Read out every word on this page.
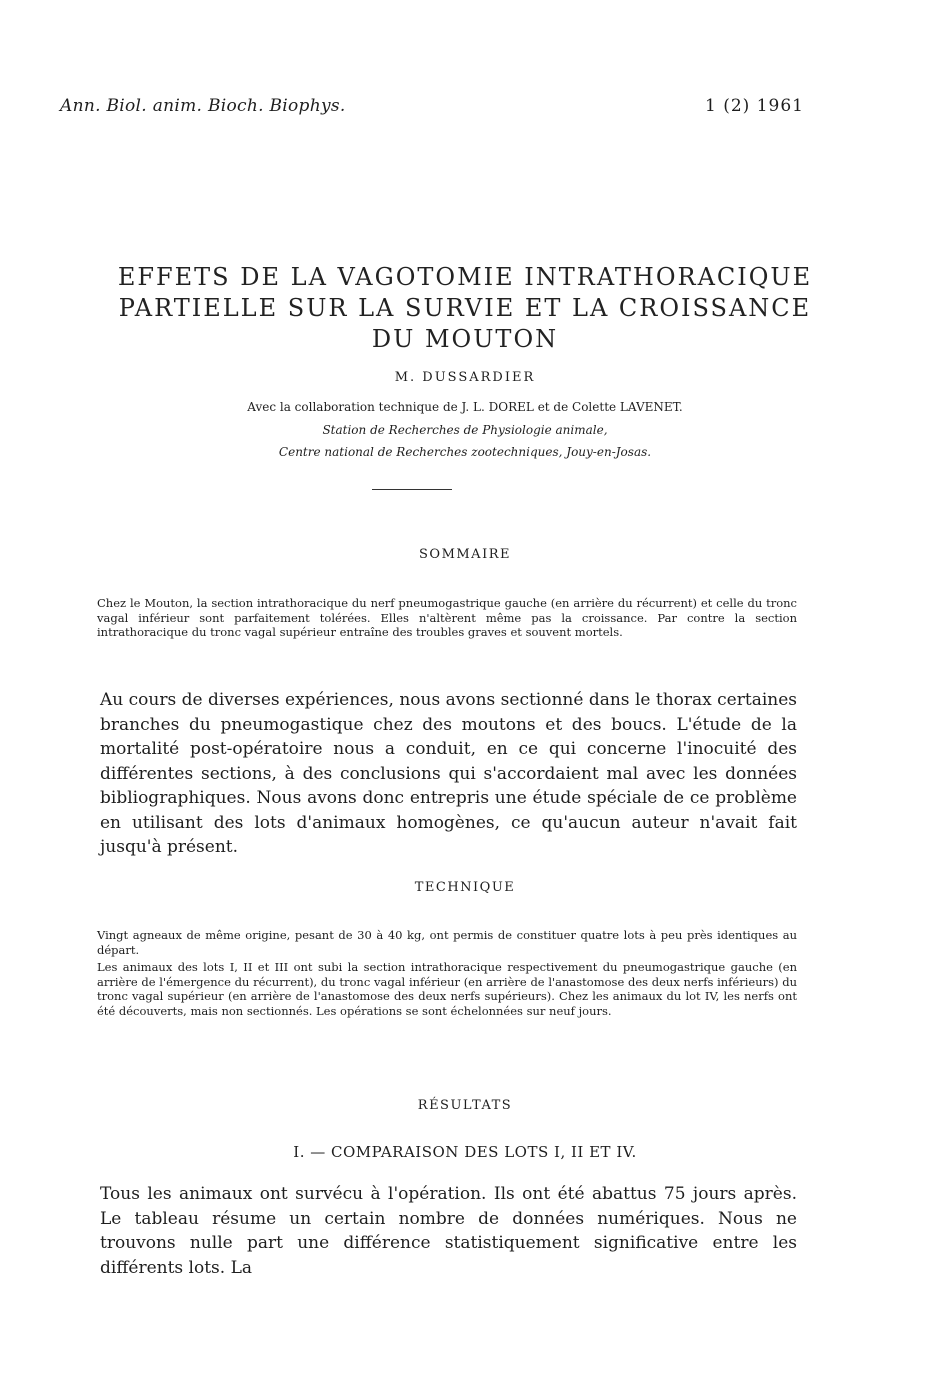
Ann. Biol. anim. Bioch. Biophys.	1 (2) 1961
EFFETS DE LA VAGOTOMIE INTRATHORACIQUE PARTIELLE SUR LA SURVIE ET LA CROISSANCE DU MOUTON
M. DUSSARDIER
Avec la collaboration technique de J. L. DOREL et de Colette LAVENET.
Station de Recherches de Physiologie animale,
Centre national de Recherches zootechniques, Jouy-en-Josas.
SOMMAIRE
Chez le Mouton, la section intrathoracique du nerf pneumogastrique gauche (en arrière du récurrent) et celle du tronc vagal inférieur sont parfaitement tolérées. Elles n'altèrent même pas la croissance. Par contre la section intrathoracique du tronc vagal supérieur entraîne des troubles graves et souvent mortels.
Au cours de diverses expériences, nous avons sectionné dans le thorax certaines branches du pneumogastique chez des moutons et des boucs. L'étude de la mortalité post-opératoire nous a conduit, en ce qui concerne l'inocuité des différentes sections, à des conclusions qui s'accordaient mal avec les données bibliographiques. Nous avons donc entrepris une étude spéciale de ce problème en utilisant des lots d'animaux homogènes, ce qu'aucun auteur n'avait fait jusqu'à présent.
TECHNIQUE
Vingt agneaux de même origine, pesant de 30 à 40 kg, ont permis de constituer quatre lots à peu près identiques au départ.
Les animaux des lots I, II et III ont subi la section intrathoracique respectivement du pneumogastrique gauche (en arrière de l'émergence du récurrent), du tronc vagal inférieur (en arrière de l'anastomose des deux nerfs inférieurs) du tronc vagal supérieur (en arrière de l'anastomose des deux nerfs supérieurs). Chez les animaux du lot IV, les nerfs ont été découverts, mais non sectionnés. Les opérations se sont échelonnées sur neuf jours.
RÉSULTATS
I. — COMPARAISON DES LOTS I, II ET IV.
Tous les animaux ont survécu à l'opération. Ils ont été abattus 75 jours après. Le tableau résume un certain nombre de données numériques. Nous ne trouvons nulle part une différence statistiquement significative entre les différents lots. La
